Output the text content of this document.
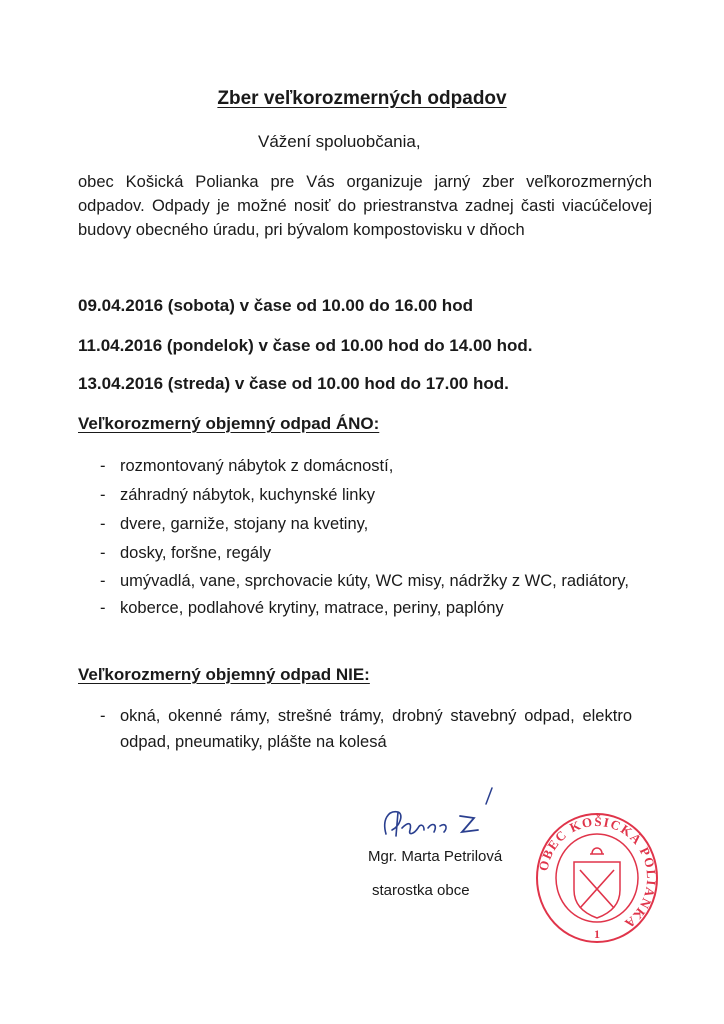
Zber veľkorozmerných odpadov
Vážení spoluobčania,
obec Košická Polianka pre Vás organizuje jarný zber veľkorozmerných odpadov. Odpady je možné nosiť do priestranstva zadnej časti viacúčelovej budovy obecného úradu, pri bývalom kompostovisku v dňoch
09.04.2016 (sobota) v čase od 10.00 do 16.00 hod
11.04.2016 (pondelok) v čase od 10.00 hod do 14.00 hod.
13.04.2016 (streda) v čase od 10.00 hod do 17.00 hod.
Veľkorozmerný objemný odpad ÁNO:
- rozmontovaný nábytok z domácností,
- záhradný nábytok, kuchynské linky
- dvere, garniže, stojany na kvetiny,
- dosky, foršne, regály
- umývadlá, vane, sprchovacie kúty, WC misy, nádržky z WC, radiátory,
- koberce, podlahové krytiny, matrace, periny, paplóny
Veľkorozmerný objemný odpad NIE:
- okná, okenné rámy, strešné trámy, drobný stavebný odpad, elektro odpad, pneumatiky, plášte na kolesá
Mgr. Marta Petrilová
starostka obce
OBEC KOŠICKÁ POLIANKA
1
